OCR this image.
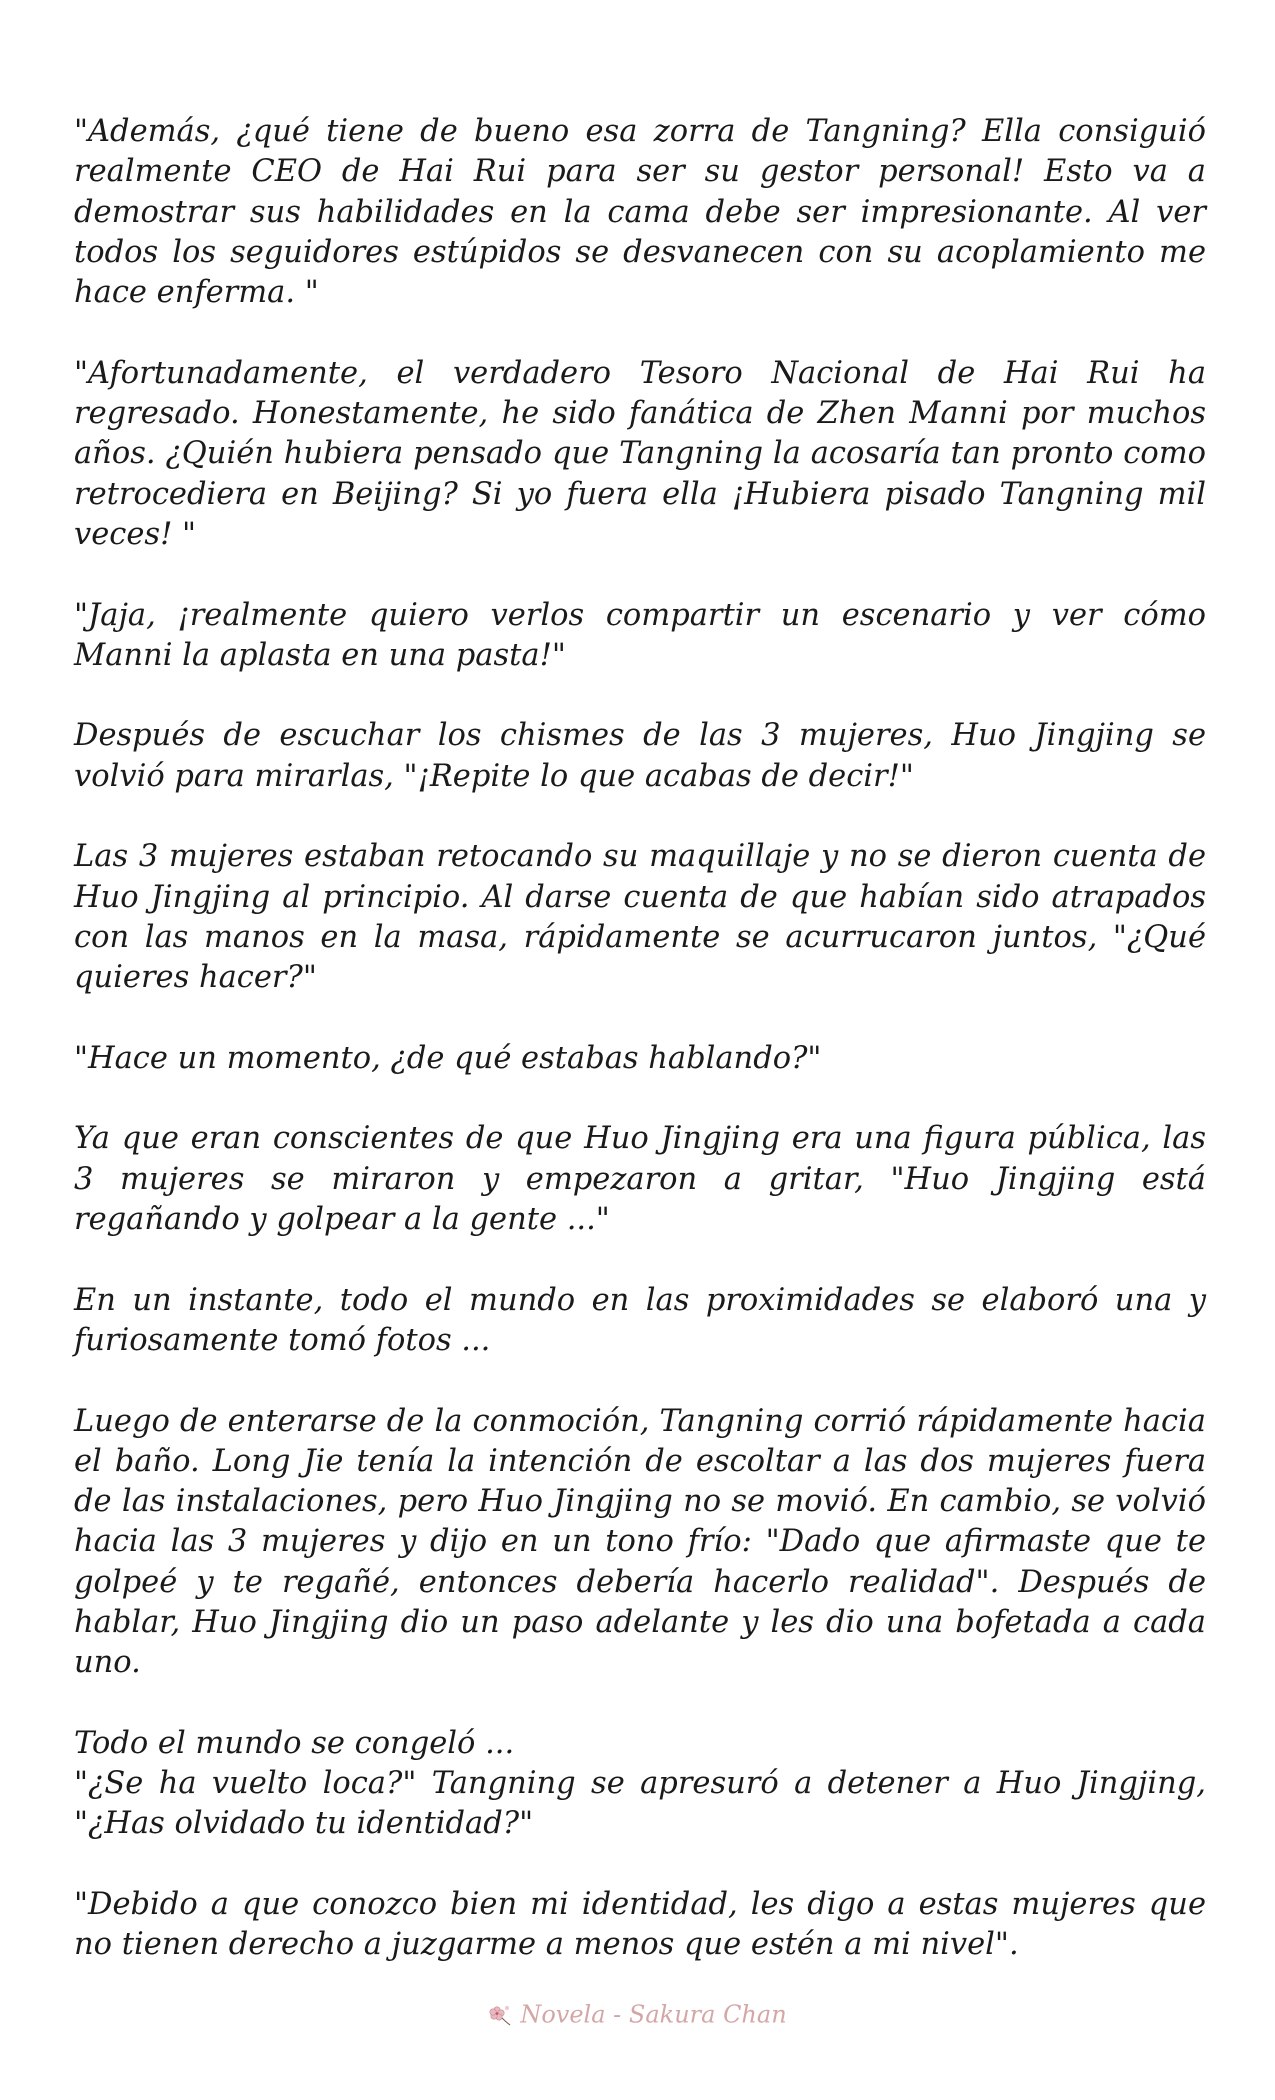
"Además, ¿qué tiene de bueno esa zorra de Tangning? Ella consiguió realmente CEO de Hai Rui para ser su gestor personal! Esto va a demostrar sus habilidades en la cama debe ser impresionante. Al ver todos los seguidores estúpidos se desvanecen con su acoplamiento me hace enferma. "

"Afortunadamente, el verdadero Tesoro Nacional de Hai Rui ha regresado. Honestamente, he sido fanática de Zhen Manni por muchos años. ¿Quién hubiera pensado que Tangning la acosaría tan pronto como retrocediera en Beijing? Si yo fuera ella ¡Hubiera pisado Tangning mil veces! "

"Jaja, ¡realmente quiero verlos compartir un escenario y ver cómo Manni la aplasta en una pasta!"

Después de escuchar los chismes de las 3 mujeres, Huo Jingjing se volvió para mirarlas, "¡Repite lo que acabas de decir!"

Las 3 mujeres estaban retocando su maquillaje y no se dieron cuenta de Huo Jingjing al principio. Al darse cuenta de que habían sido atrapados con las manos en la masa, rápidamente se acurrucaron juntos, "¿Qué quieres hacer?"

"Hace un momento, ¿de qué estabas hablando?"

Ya que eran conscientes de que Huo Jingjing era una figura pública, las 3 mujeres se miraron y empezaron a gritar, "Huo Jingjing está regañando y golpear a la gente ..."

En un instante, todo el mundo en las proximidades se elaboró una y furiosamente tomó fotos ...

Luego de enterarse de la conmoción, Tangning corrió rápidamente hacia el baño. Long Jie tenía la intención de escoltar a las dos mujeres fuera de las instalaciones, pero Huo Jingjing no se movió. En cambio, se volvió hacia las 3 mujeres y dijo en un tono frío: "Dado que afirmaste que te golpeé y te regañé, entonces debería hacerlo realidad". Después de hablar, Huo Jingjing dio un paso adelante y les dio una bofetada a cada uno.

Todo el mundo se congeló ...

"¿Se ha vuelto loca?" Tangning se apresuró a detener a Huo Jingjing, "¿Has olvidado tu identidad?"

"Debido a que conozco bien mi identidad, les digo a estas mujeres que no tienen derecho a juzgarme a menos que estén a mi nivel".

Novela - Sakura Chan
